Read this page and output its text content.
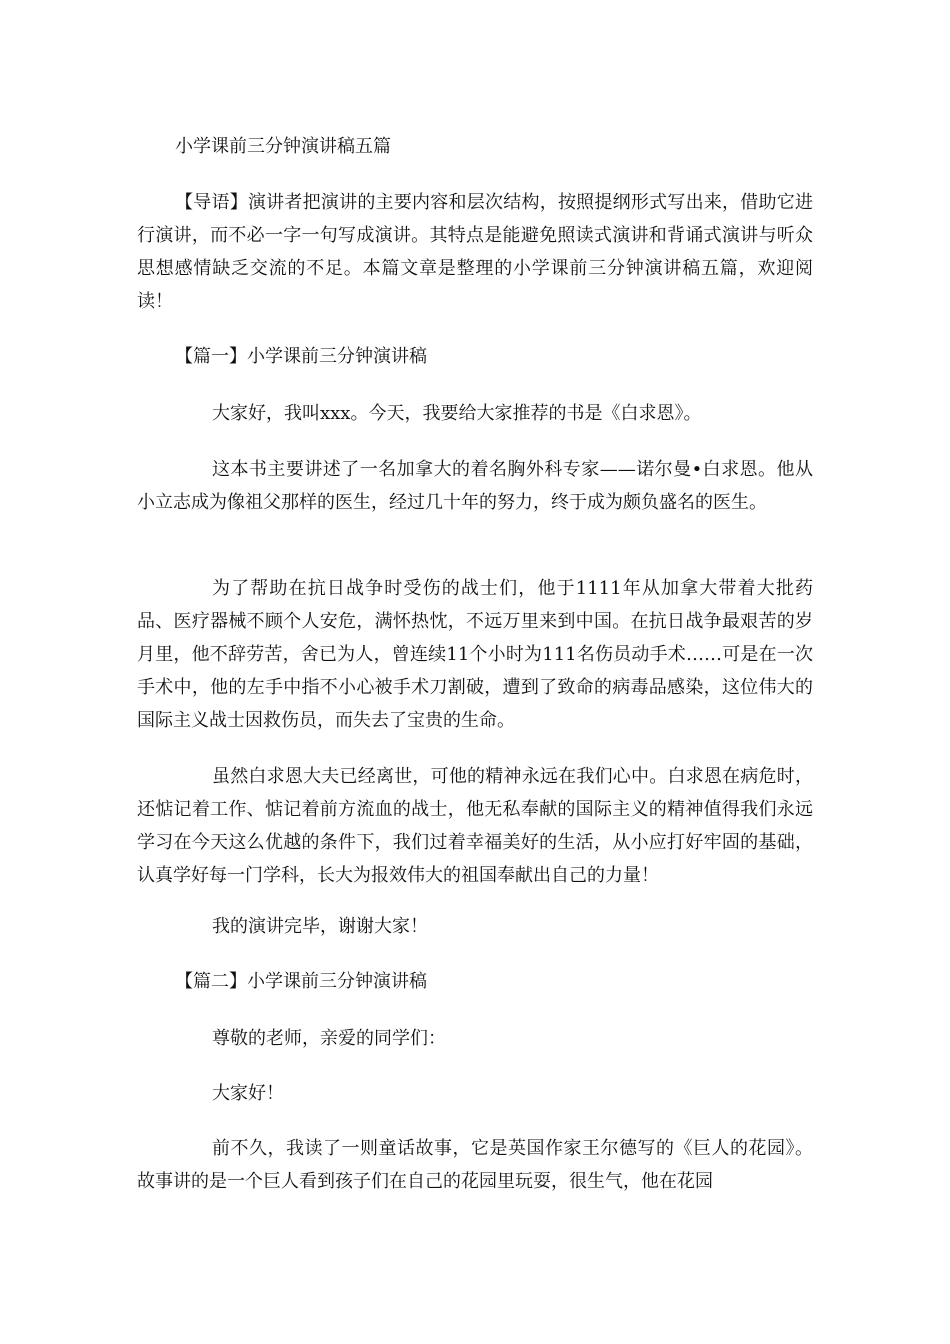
小学课前三分钟演讲稿五篇
【导语】演讲者把演讲的主要内容和层次结构，按照提纲形式写出来，借助它进行演讲，而不必一字一句写成演讲。其特点是能避免照读式演讲和背诵式演讲与听众思想感情缺乏交流的不足。本篇文章是整理的小学课前三分钟演讲稿五篇，欢迎阅读！
【篇一】小学课前三分钟演讲稿
大家好，我叫xxx。今天，我要给大家推荐的书是《白求恩》。
这本书主要讲述了一名加拿大的着名胸外科专家——诺尔曼•白求恩。他从小立志成为像祖父那样的医生，经过几十年的努力，终于成为颇负盛名的医生。
为了帮助在抗日战争时受伤的战士们，他于1111年从加拿大带着大批药品、医疗器械不顾个人安危，满怀热忱，不远万里来到中国。在抗日战争最艰苦的岁月里，他不辞劳苦，舍已为人，曾连续11个小时为111名伤员动手术……可是在一次手术中，他的左手中指不小心被手术刀割破，遭到了致命的病毒品感染，这位伟大的国际主义战士因救伤员，而失去了宝贵的生命。
虽然白求恩大夫已经离世，可他的精神永远在我们心中。白求恩在病危时，还惦记着工作、惦记着前方流血的战士，他无私奉献的国际主义的精神值得我们永远学习在今天这么优越的条件下，我们过着幸福美好的生活，从小应打好牢固的基础，认真学好每一门学科，长大为报效伟大的祖国奉献出自己的力量！
我的演讲完毕，谢谢大家！
【篇二】小学课前三分钟演讲稿
尊敬的老师，亲爱的同学们：
大家好！
前不久，我读了一则童话故事，它是英国作家王尔德写的《巨人的花园》。故事讲的是一个巨人看到孩子们在自己的花园里玩耍，很生气，他在花园
